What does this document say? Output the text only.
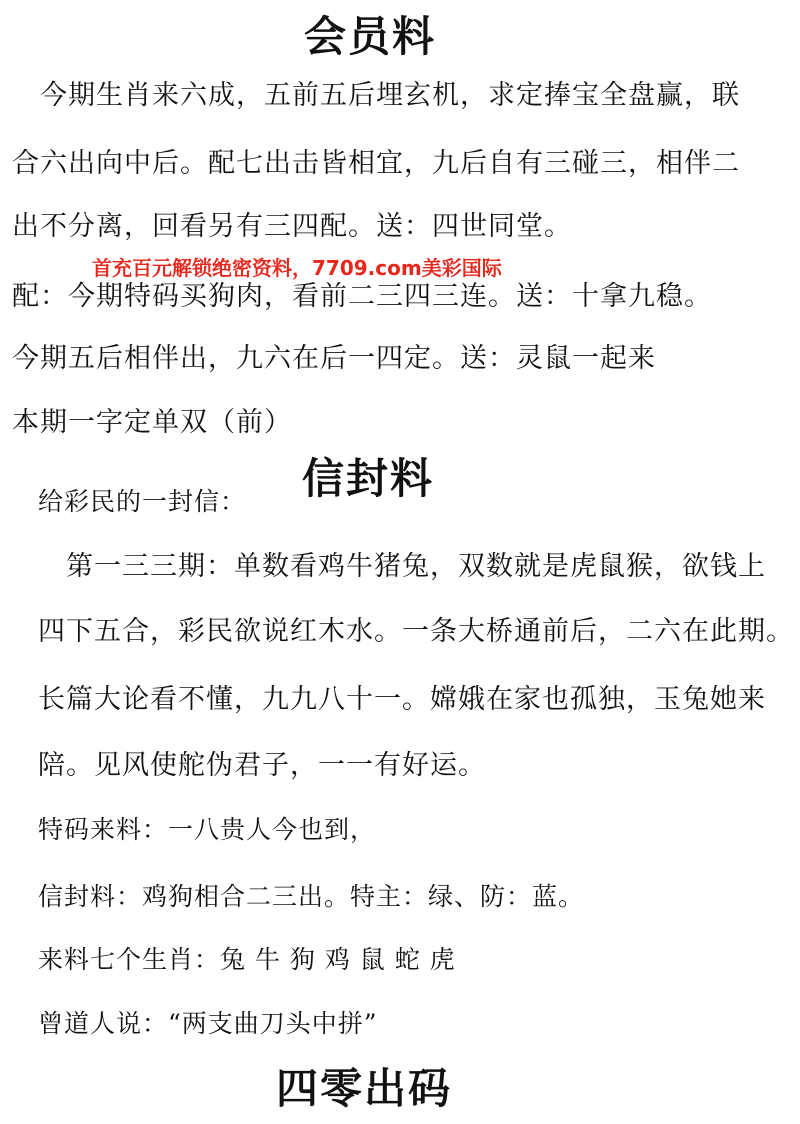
会员料
今期生肖来六成，五前五后埋玄机，求定捧宝全盘赢，联
合六出向中后。配七出击皆相宜，九后自有三碰三，相伴二
出不分离，回看另有三四配。送：四世同堂。
首充百元解锁绝密资料，7709.com美彩国际
配：今期特码买狗肉，看前二三四三连。送：十拿九稳。
今期五后相伴出，九六在后一四定。送：灵鼠一起来
本期一字定单双（前）
给彩民的一封信： 信封料
第一三三期：单数看鸡牛猪兔，双数就是虎鼠猴，欲钱上
四下五合，彩民欲说红木水。一条大桥通前后，二六在此期。
长篇大论看不懂，九九八十一。嫦娥在家也孤独，玉兔她来
陪。见风使舵伪君子，一一有好运。
特码来料：一八贵人今也到，
信封料：鸡狗相合二三出。特主：绿、防：蓝。
来料七个生肖：兔 牛 狗 鸡 鼠 蛇 虎
曾道人说：“两支曲刀头中拼”
四零出码
